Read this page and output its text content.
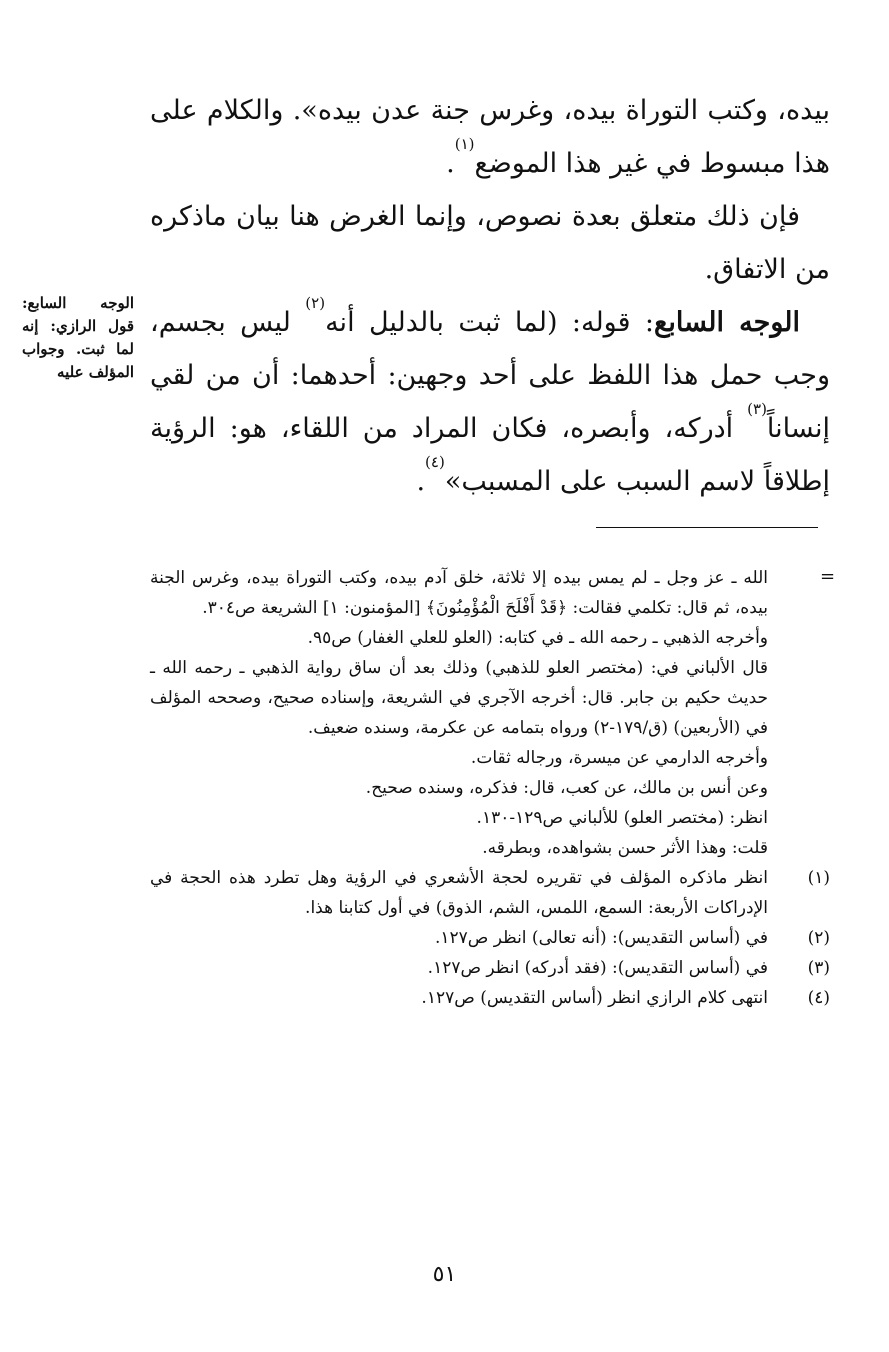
بيده، وكتب التوراة بيده، وغرس جنة عدن بيده». والكلام على هذا مبسوط في غير هذا الموضع$^{(١)}$.

فإن ذلك متعلق بعدة نصوص، وإنما الغرض هنا بيان ماذكره من الاتفاق.

الوجه السابع: قوله: (لما ثبت بالدليل أنه$^{(٢)}$ ليس بجسم، وجب حمل هذا اللفظ على أحد وجهين: أحدهما: أن من لقي إنساناً$^{(٣)}$ أدركه، وأبصره، فكان المراد من اللقاء، هو: الرؤية إطلاقاً لاسم السبب على المسبب»$^{(٤)}$.

الوجه السابع: قول الرازي: إنه لما ثبت. وجواب المؤلف عليه
=

الله ـ عز وجل ـ لم يمس بيده إلا ثلاثة، خلق آدم بيده، وكتب التوراة بيده، وغرس الجنة بيده، ثم قال: تكلمي فقالت: ﴿قَدْ أَفْلَحَ الْمُؤْمِنُونَ﴾ [المؤمنون: ١] الشريعة ص٣٠٤.

وأخرجه الذهبي ـ رحمه الله ـ في كتابه: (العلو للعلي الغفار) ص٩٥.

قال الألباني في: (مختصر العلو للذهبي) وذلك بعد أن ساق رواية الذهبي ـ رحمه الله ـ حديث حكيم بن جابر. قال: أخرجه الآجري في الشريعة، وإسناده صحيح، وصححه المؤلف في (الأربعين) (ق/١٧٩-٢) ورواه بتمامه عن عكرمة، وسنده ضعيف.

وأخرجه الدارمي عن ميسرة، ورجاله ثقات.

وعن أنس بن مالك، عن كعب، قال: فذكره، وسنده صحيح.

انظر: (مختصر العلو) للألباني ص١٢٩-١٣٠.

قلت: وهذا الأثر حسن بشواهده، وبطرقه.

(١)

انظر ماذكره المؤلف في تقريره لحجة الأشعري في الرؤية وهل تطرد هذه الحجة في الإدراكات الأربعة: السمع، اللمس، الشم، الذوق) في أول كتابنا هذا.

(٢)

في (أساس التقديس): (أنه تعالى) انظر ص١٢٧.

(٣)

في (أساس التقديس): (فقد أدركه) انظر ص١٢٧.

(٤)

انتهى كلام الرازي انظر (أساس التقديس) ص١٢٧.

٥١
